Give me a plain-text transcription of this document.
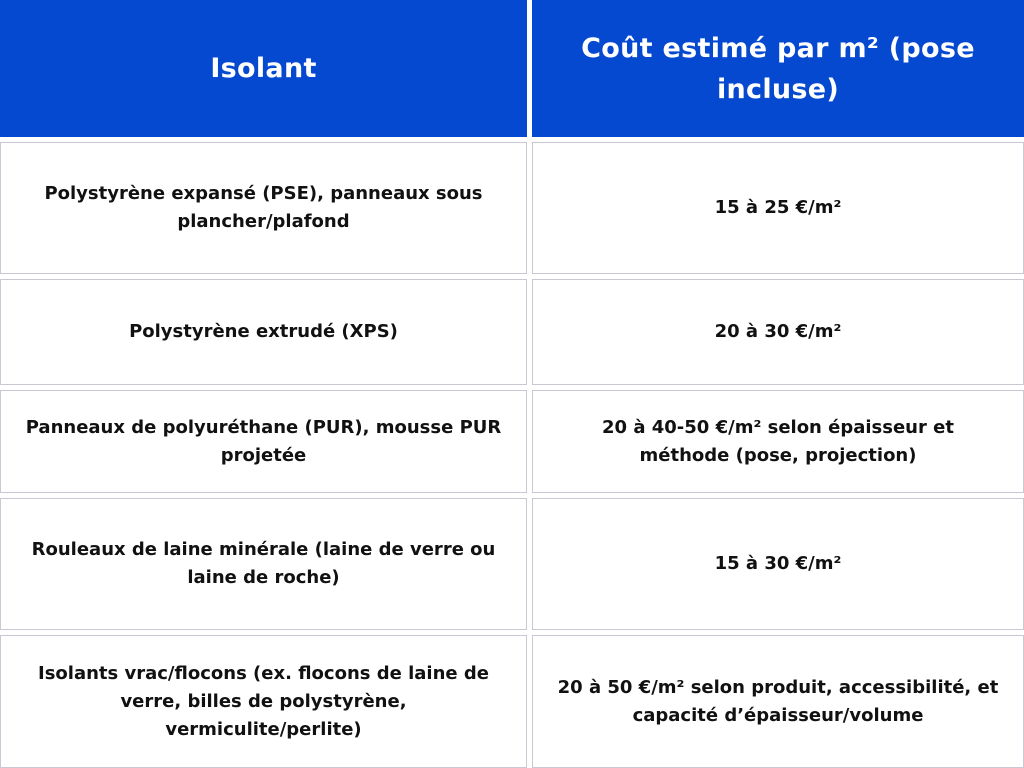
Isolant
Coût estimé par m² (pose incluse)
Polystyrène expansé (PSE), panneaux sous plancher/plafond
15 à 25 €/m²
Polystyrène extrudé (XPS)	20 à 30 €/m²
Panneaux de polyuréthane (PUR), mousse PUR projetée
20 à 40-50 €/m² selon épaisseur et méthode (pose, projection)
Rouleaux de laine minérale (laine de verre ou laine de roche)
15 à 30 €/m²
Isolants vrac/flocons (ex. flocons de laine de verre, billes de polystyrène, vermiculite/perlite)
20 à 50 €/m² selon produit, accessibilité, et capacité d’épaisseur/volume
